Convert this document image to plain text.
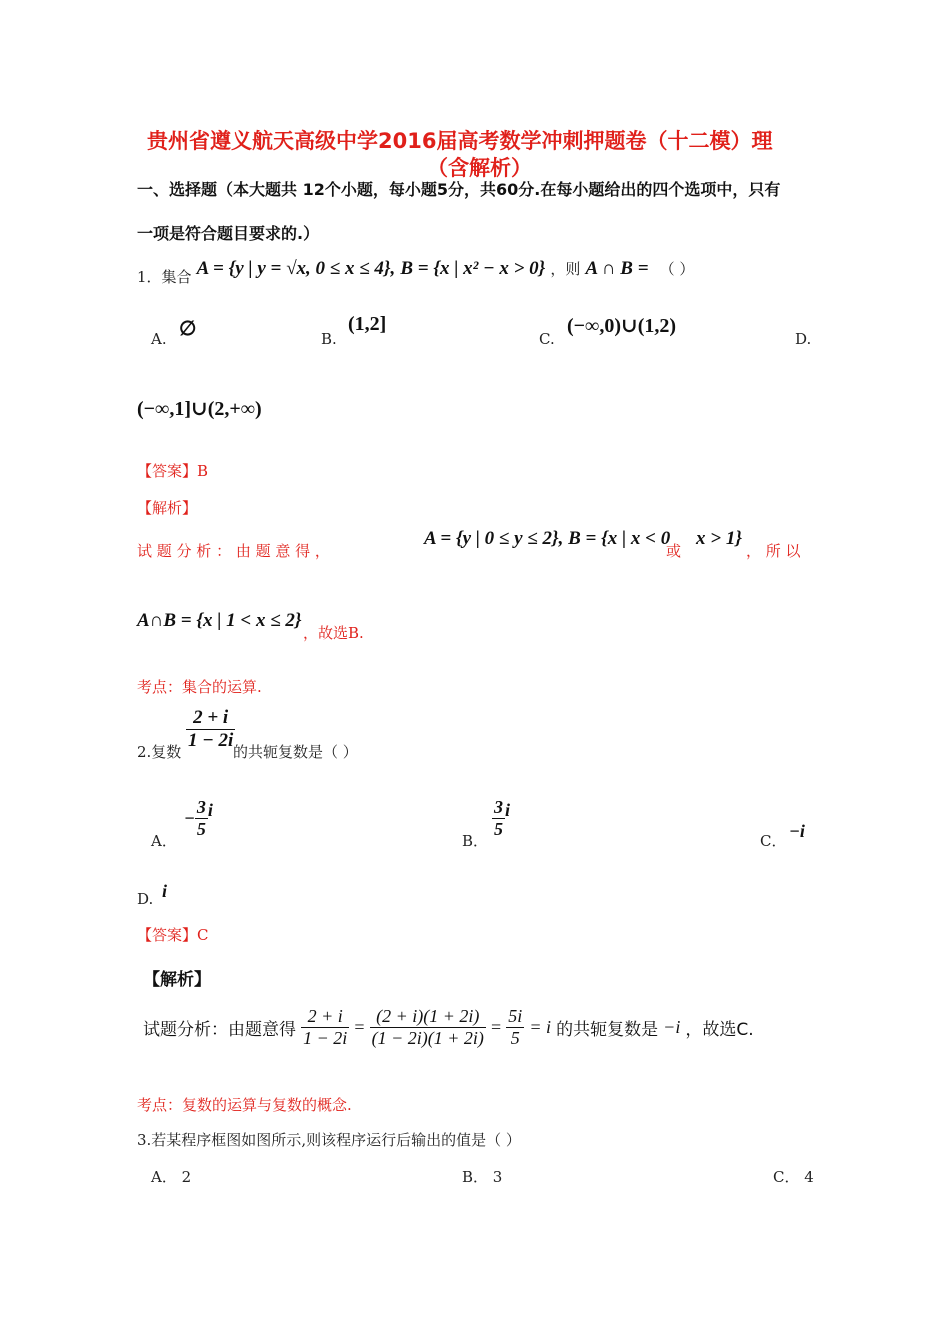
贵州省遵义航天高级中学2016届高考数学冲刺押题卷（十二模）理
（含解析）
一、选择题（本大题共 12个小题，每小题5分，共60分.在每小题给出的四个选项中，只有
一项是符合题目要求的.）
1．集合 A = {y | y = √x, 0 ≤ x ≤ 4}, B = {x | x² − x > 0} ，则 A ∩ B = （ ）
A. ∅	B.
(1,2]
C.
(−∞,0)∪(1,2)
D.
(−∞,1]∪(2,+∞)
【答案】B
【解析】
试 题 分 析 ： 由 题 意 得 ，
A = {y | 0 ≤ y ≤ 2}, B = {x | x < 0
或
x > 1}
， 所 以
A∩B = {x | 1 < x ≤ 2}
，故选B.
考点：集合的运算.
2.复数 $\frac{2 + i}{1 - 2i}$
的共轭复数是（ ）
A．
− $\frac{3}{5}$ i
B．
$\frac{3}{5}$ i
C． −i
D. i
【答案】C
【解析】
试题分析：由题意得 $\frac{2 + i}{1 - 2i} = \frac{(2 + i)(1 + 2i)}{(1 - 2i)(1 + 2i)} = \frac{5i}{5} = i$ 的共轭复数是 −i ，故选C.
考点：复数的运算与复数的概念.
3.若某程序框图如图所示,则该程序运行后输出的值是（ ）
A． 2	B． 3	C． 4
